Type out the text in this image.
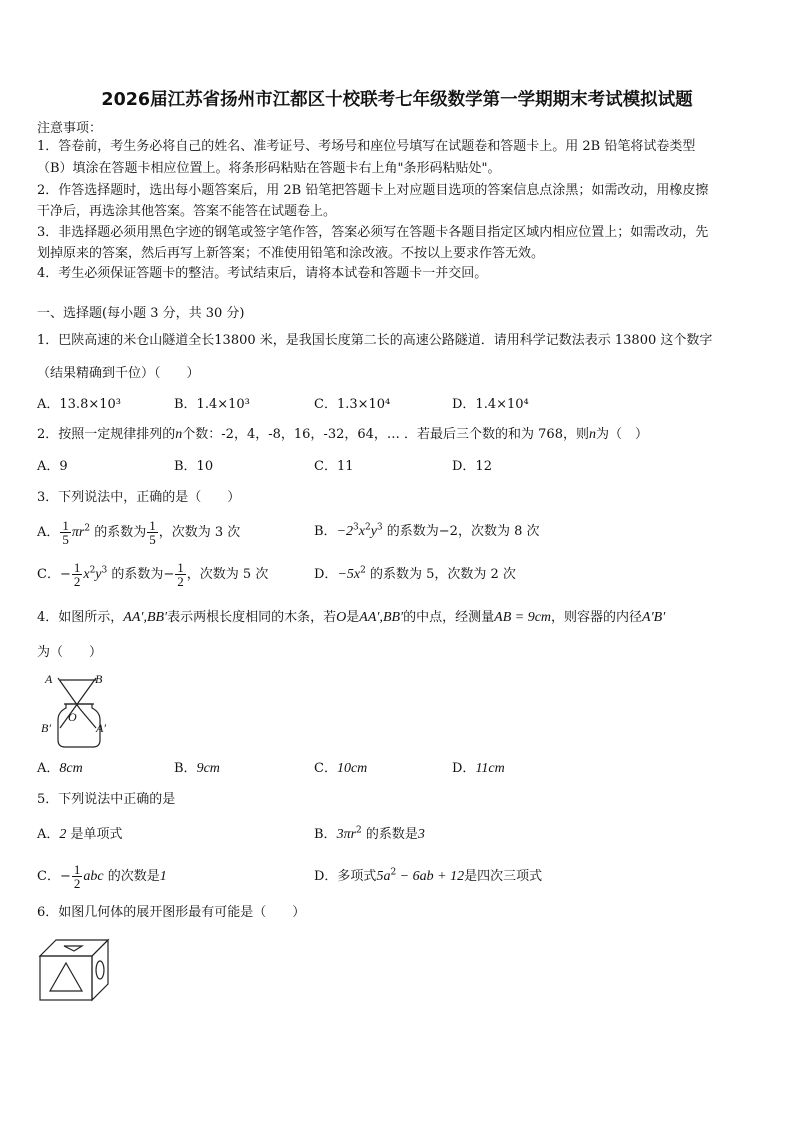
2026届江苏省扬州市江都区十校联考七年级数学第一学期期末考试模拟试题
注意事项：
1．答卷前，考生务必将自己的姓名、准考证号、考场号和座位号填写在试题卷和答题卡上。用 2B 铅笔将试卷类型
（B）填涂在答题卡相应位置上。将条形码粘贴在答题卡右上角"条形码粘贴处"。
2．作答选择题时，选出每小题答案后，用 2B 铅笔把答题卡上对应题目选项的答案信息点涂黑；如需改动，用橡皮擦
干净后，再选涂其他答案。答案不能答在试题卷上。
3．非选择题必须用黑色字迹的钢笔或签字笔作答，答案必须写在答题卡各题目指定区域内相应位置上；如需改动，先
划掉原来的答案，然后再写上新答案；不准使用铅笔和涂改液。不按以上要求作答无效。
4．考生必须保证答题卡的整洁。考试结束后，请将本试卷和答题卡一并交回。
一、选择题(每小题 3 分，共 30 分)
1．巴陕高速的米仓山隧道全长13800 米，是我国长度第二长的高速公路隧道．请用科学记数法表示 13800 这个数字
（结果精确到千位）（　　）
A．13.8×10³	B．1.4×10³	C．1.3×10⁴	D．1.4×10⁴
2．按照一定规律排列的n个数：-2，4，-8，16，-32，64，… ．若最后三个数的和为 768，则n为（　）
A．9	B．10	C．11	D．12
3．下列说法中，正确的是（　　）
A． $\frac{1}{5} \pi r^2$ 的系数为 $\frac{1}{5}$ ，次数为 3 次	B．$-2^3x^2y^3$ 的系数为−2，次数为 8 次
C．− $\frac{1}{2} x^2y^3$ 的系数为− $\frac{1}{2}$ ，次数为 5 次	D．$-5x^2$ 的系数为 5，次数为 2 次
4．如图所示，AA′,BB′表示两根长度相同的木条，若O是AA′,BB′的中点，经测量AB = 9cm，则容器的内径A′B′
为（　　）
A	B
O
B′	A′
A．8cm	B．9cm	C．10cm	D．11cm
5．下列说法中正确的是
A．2 是单项式	B．$3\pi r^2$ 的系数是3
C．− $\frac{1}{2}$ abc 的次数是1	D．多项式$5a^2 - 6ab + 12$是四次三项式
6．如图几何体的展开图形最有可能是（　　）
